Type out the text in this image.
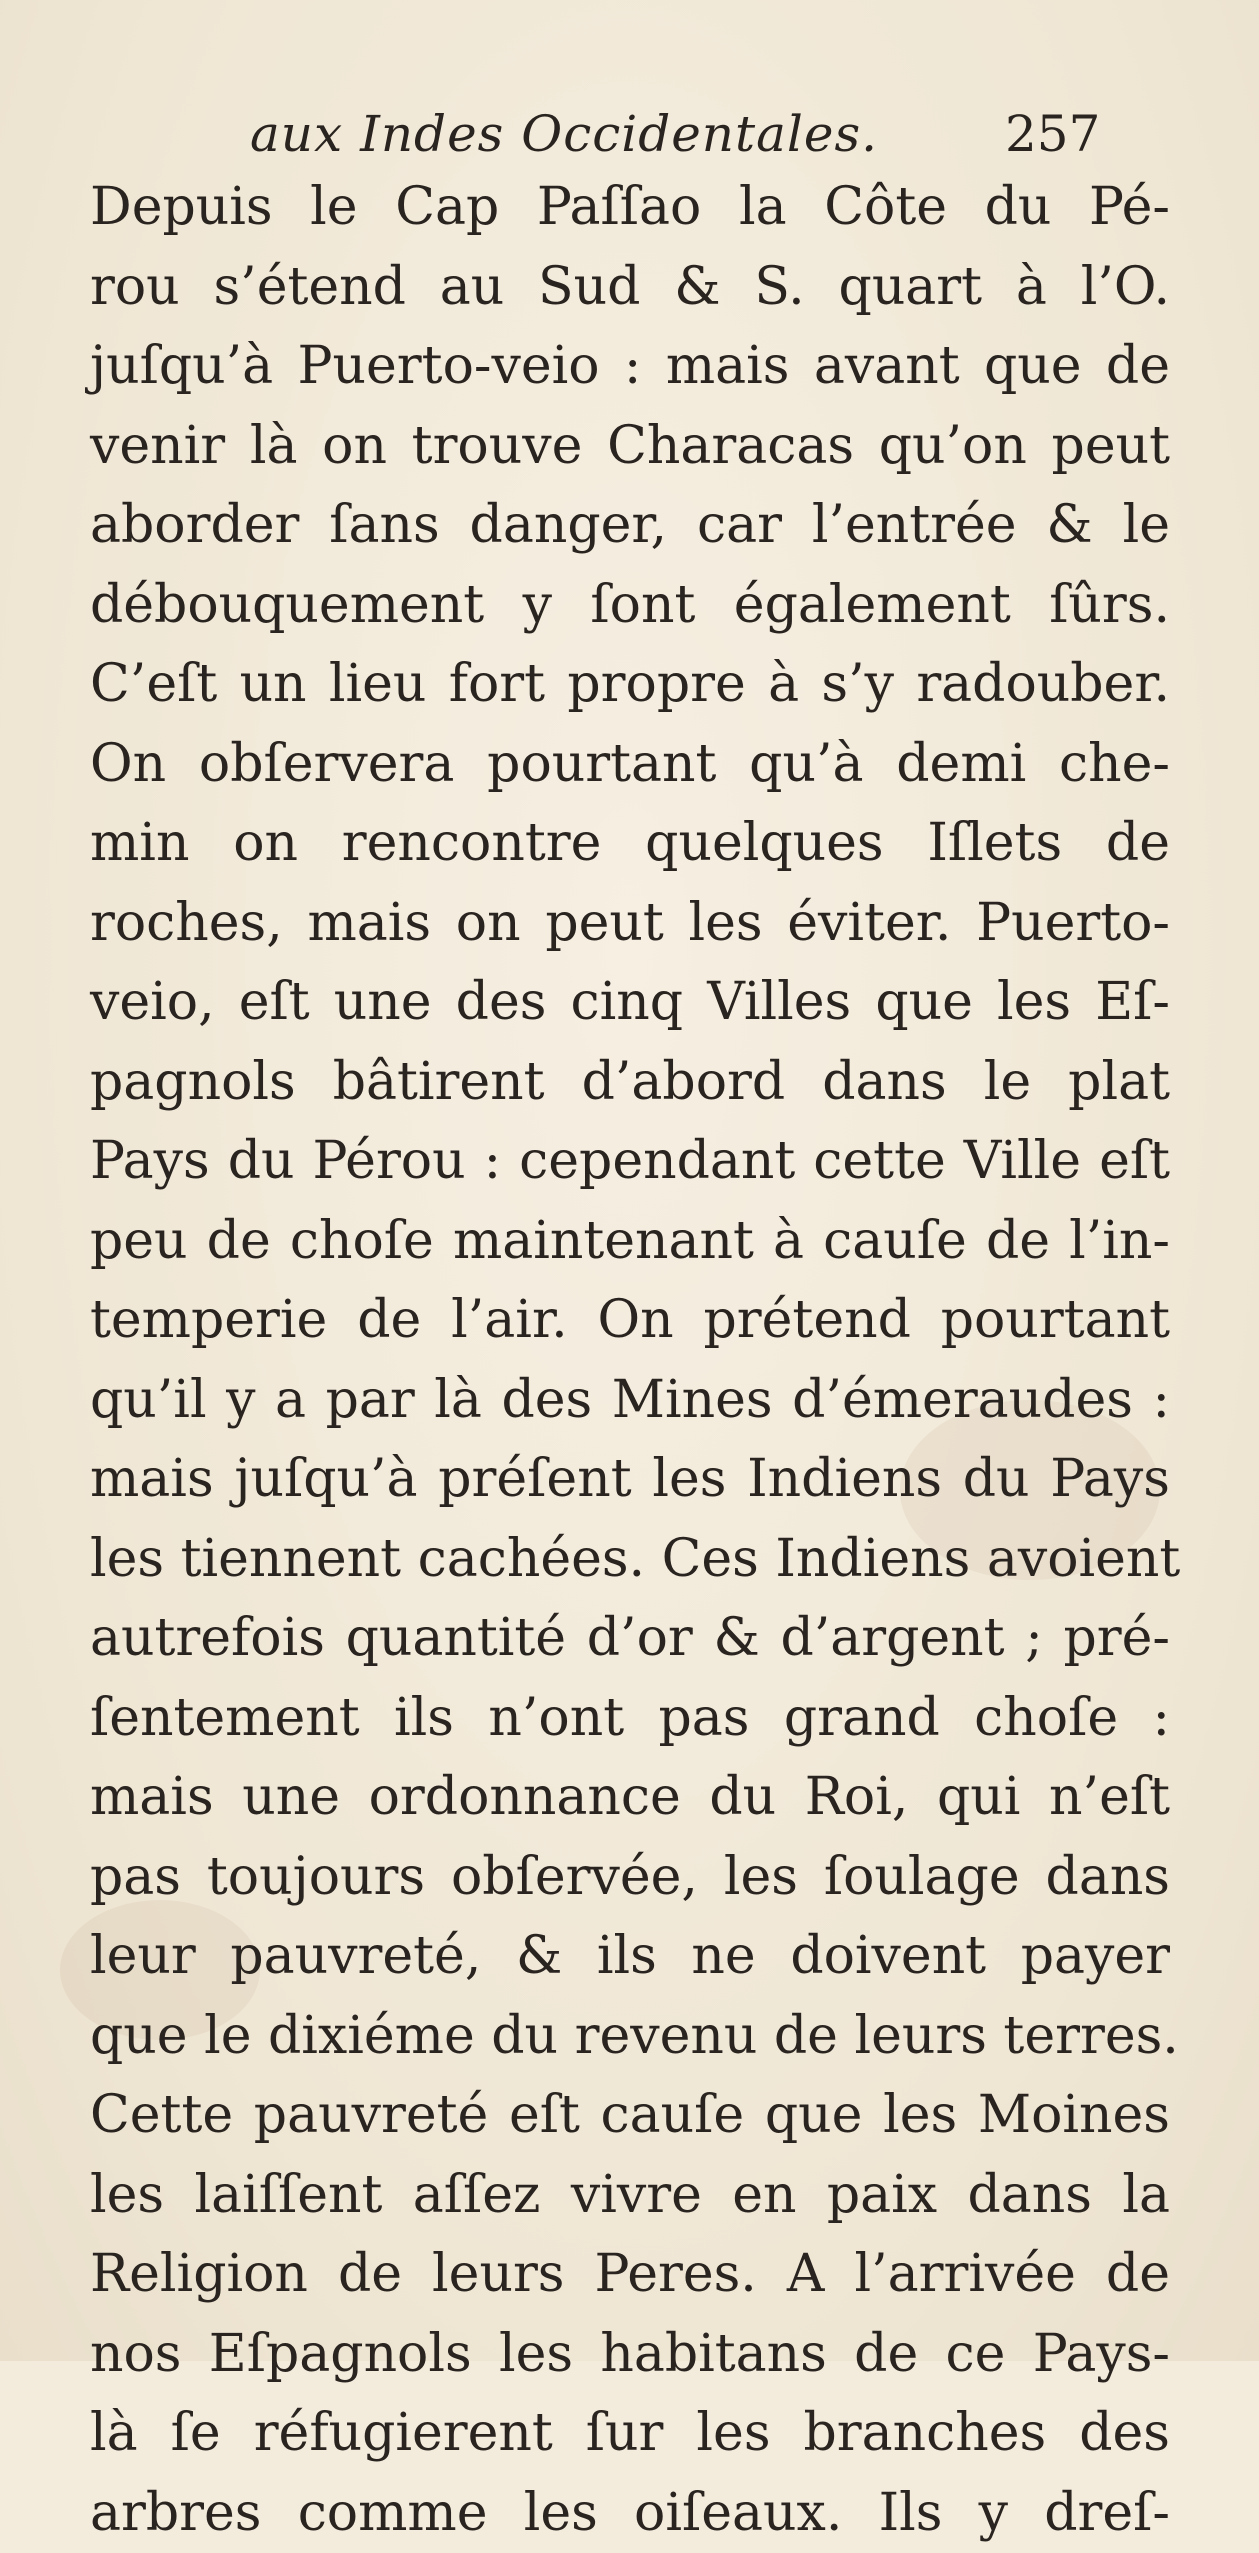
aux Indes Occidentales.	257
Depuis le Cap Paſſao la Côte du Pé-
rou s’étend au Sud & S. quart à l’O.
juſqu’à Puerto-veio : mais avant que de
venir là on trouve Characas qu’on peut
aborder ſans danger, car l’entrée & le
débouquement y ſont également ſûrs.
C’eſt un lieu fort propre à s’y radouber.
On obſervera pourtant qu’à demi che-
min on rencontre quelques Iſlets de
roches, mais on peut les éviter. Puerto-
veio, eſt une des cinq Villes que les Eſ-
pagnols bâtirent d’abord dans le plat
Pays du Pérou : cependant cette Ville eſt
peu de choſe maintenant à cauſe de l’in-
temperie de l’air. On prétend pourtant
qu’il y a par là des Mines d’émeraudes :
mais juſqu’à préſent les Indiens du Pays
les tiennent cachées. Ces Indiens avoient
autrefois quantité d’or & d’argent ; pré-
ſentement ils n’ont pas grand choſe :
mais une ordonnance du Roi, qui n’eſt
pas toujours obſervée, les ſoulage dans
leur pauvreté, & ils ne doivent payer
que le dixiéme du revenu de leurs terres.
Cette pauvreté eſt cauſe que les Moines
les laiſſent aſſez vivre en paix dans la
Religion de leurs Peres. A l’arrivée de
nos Eſpagnols les habitans de ce Pays-
là ſe réfugierent ſur les branches des
arbres comme les oiſeaux. Ils y dreſ-
